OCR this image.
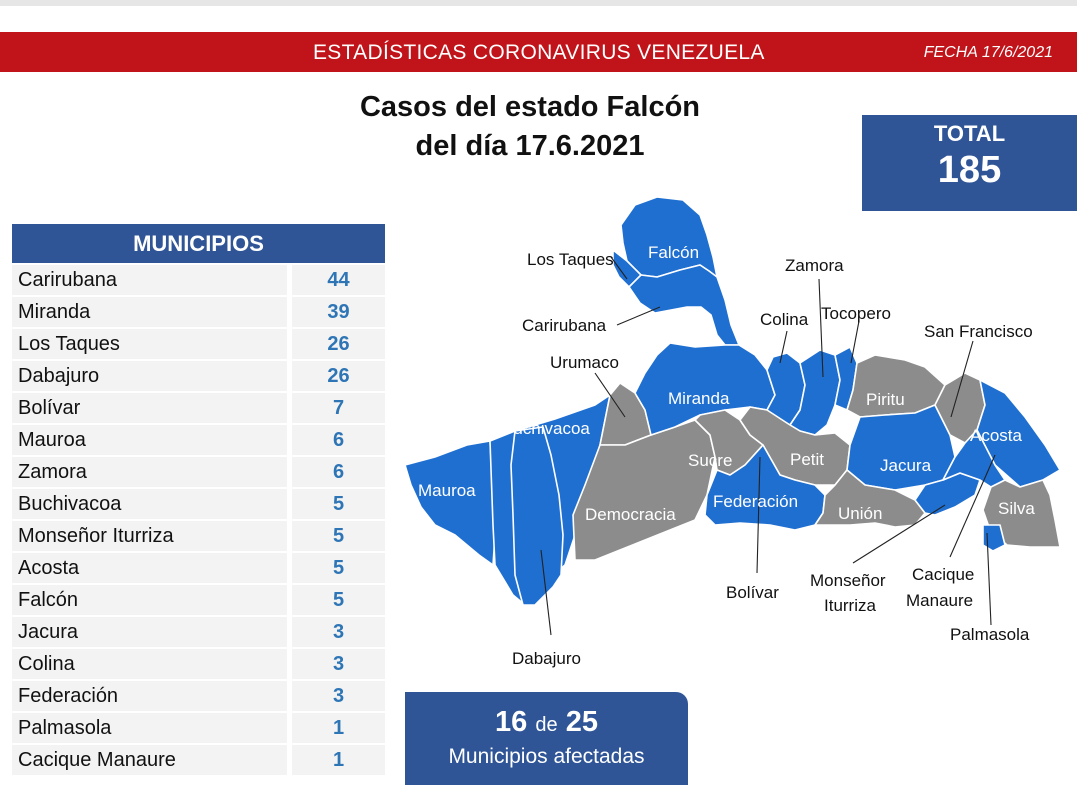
ESTADÍSTICAS CORONAVIRUS VENEZUELA	FECHA 17/6/2021
Casos del estado Falcón
del día 17.6.2021	TOTAL
185
MUNICIPIOS	
Carirubana	44
Miranda	39
Los Taques	26
Dabajuro	26
Bolívar	7
Mauroa	6
Zamora	6
Buchivacoa	5
Monseñor Iturriza	5
Acosta	5
Falcón	5
Jacura	3
Colina	3
Federación	3
Palmasola	1
Cacique Manaure	1
Falcón
Miranda
Buchivacoa
Mauroa
Democracia
Sucre	Petit
Piritu
Jacura
Acosta
Federación
Unión	Silva
Los Taques
Carirubana
Urumaco
Zamora
Colina Tocopero
San Francisco
Bolívar
Monseñor
Iturriza
Cacique
Manaure
Palmasola
Dabajuro
16 de 25
Municipios afectadas
